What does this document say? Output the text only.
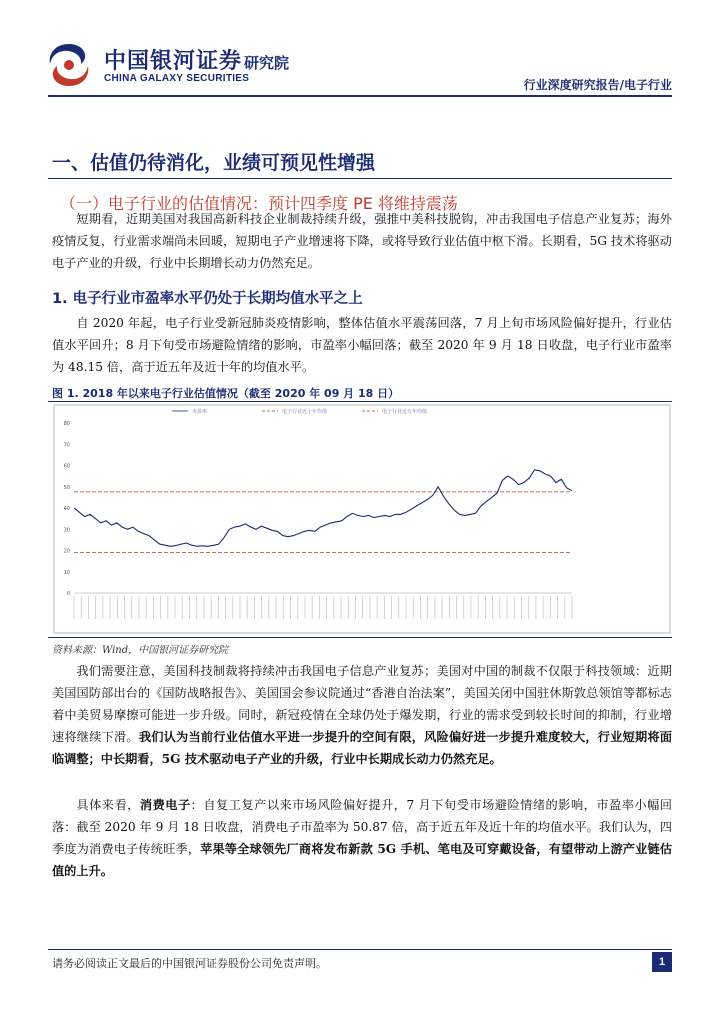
中国银河证券
CHINA GALAXY SECURITIES
研究院
行业深度研究报告/电子行业
一、估值仍待消化，业绩可预见性增强
（一）电子行业的估值情况：预计四季度 PE 将维持震荡

短期看，近期美国对我国高新科技企业制裁持续升级，强推中美科技脱钩，冲击我国电子信息产业复苏；海外疫情反复，行业需求端尚未回暖，短期电子产业增速将下降，或将导致行业估值中枢下滑。长期看，5G 技术将驱动电子产业的升级，行业中长期增长动力仍然充足。

1. 电子行业市盈率水平仍处于长期均值水平之上

自 2020 年起，电子行业受新冠肺炎疫情影响，整体估值水平震荡回落，7 月上旬市场风险偏好提升，行业估值水平回升；8 月下旬受市场避险情绪的影响，市盈率小幅回落；截至 2020 年 9 月 18 日收盘，电子行业市盈率为 48.15 倍，高于近五年及近十年的均值水平。

图 1. 2018 年以来电子行业估值情况（截至 2020 年 09 月 18 日）
市盈率	电子行业近十年均值	电子行业近五年均值
0
10
20
30
40
50
60
70
80
资料来源：Wind，中国银河证券研究院

我们需要注意，美国科技制裁将持续冲击我国电子信息产业复苏；美国对中国的制裁不仅限于科技领域：近期美国国防部出台的《国防战略报告》、美国国会参议院通过“香港自治法案”，美国关闭中国驻休斯敦总领馆等都标志着中美贸易摩擦可能进一步升级。同时，新冠疫情在全球仍处于爆发期，行业的需求受到较长时间的抑制，行业增速将继续下滑。我们认为当前行业估值水平进一步提升的空间有限，风险偏好进一步提升难度较大，行业短期将面临调整；中长期看，5G 技术驱动电子产业的升级，行业中长期成长动力仍然充足。

具体来看，消费电子：自复工复产以来市场风险偏好提升，7 月下旬受市场避险情绪的影响，市盈率小幅回落：截至 2020 年 9 月 18 日收盘，消费电子市盈率为 50.87 倍，高于近五年及近十年的均值水平。我们认为，四季度为消费电子传统旺季，苹果等全球领先厂商将发布新款 5G 手机、笔电及可穿戴设备，有望带动上游产业链估值的上升。

请务必阅读正文最后的中国银河证券股份公司免责声明。	1
